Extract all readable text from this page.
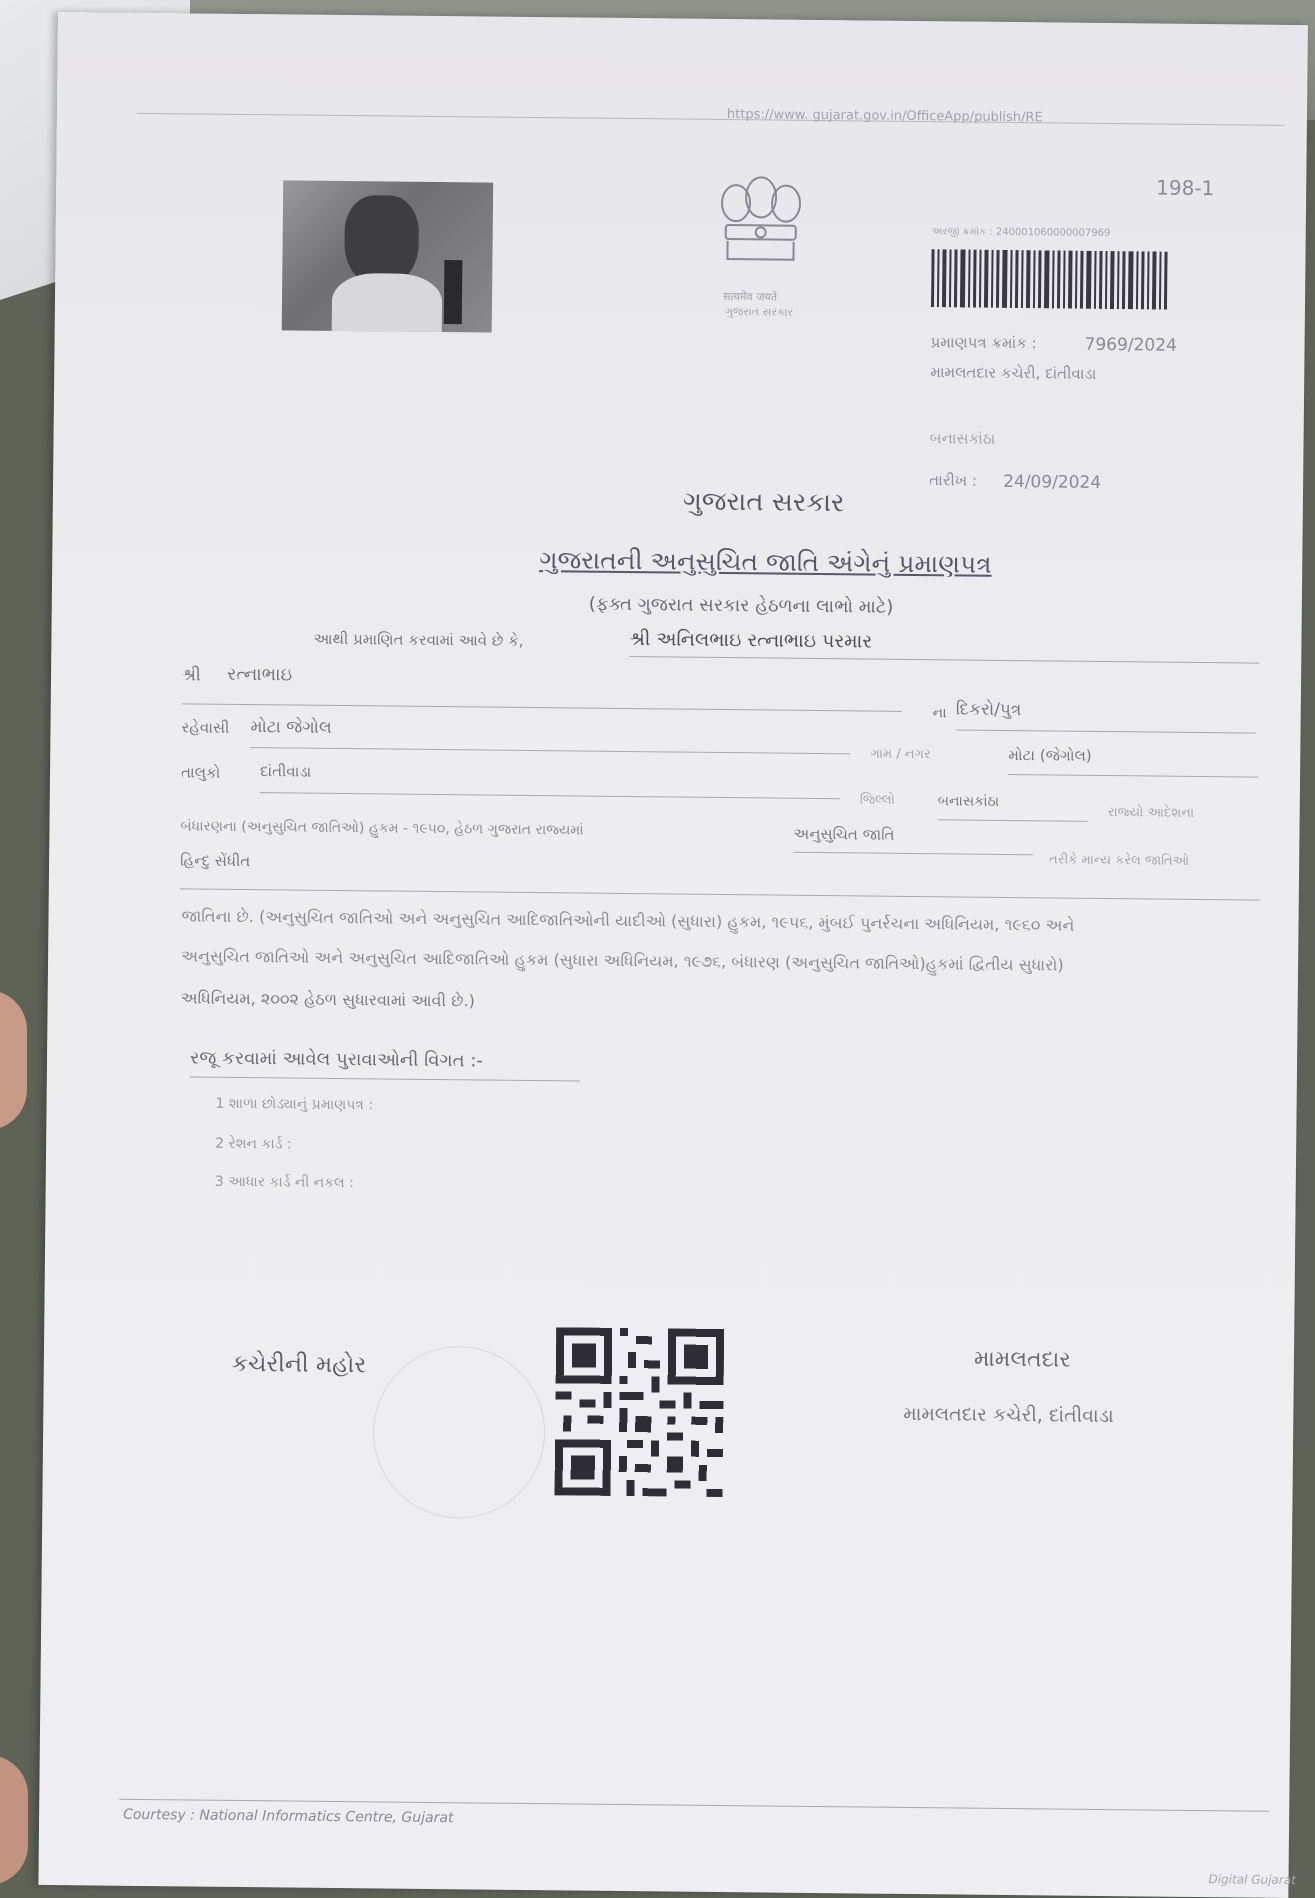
https://www. gujarat.gov.in/OfficeApp/publish/RE
198-1
सत्यमेव जयते
ગુજરાત સરકાર
અરજી ક્રમાંક : 240001060000007969
પ્રમાણપત્ર ક્રમાંક :	7969/2024
મામલતદાર કચેરી, દાંતીવાડા
બનાસકાંઠા
તારીખ : 24/09/2024
ગુજરાત સરકાર
ગુજરાતની અનુસુચિત જાતિ અંગેનું પ્રમાણપત્ર
(ફક્ત ગુજરાત સરકાર હેઠળના લાભો માટે)
આથી પ્રમાણિત કરવામાં આવે છે કે,	શ્રી અનિલભાઇ રત્નાભાઇ પરમાર
શ્રી રત્નાભાઇ
ના દિકરો/પુત્ર
રહેવાસી મોટા જેગોલ
ગામ / નગર	મોટા (જેગોલ)
તાલુકો	દાંતીવાડા
જિલ્લો	બનાસકાંઠા
રાજ્યો આદેશના
બંધારણના (અનુસુચિત જાતિઓ) હુકમ - ૧૯૫૦, હેઠળ ગુજરાત રાજ્યમાં	અનુસુચિત જાતિ
તરીકે માન્ય કરેલ જાતિઓ
હિન્દુ સેંધીત
જાતિના છે. (અનુસુચિત જાતિઓ અને અનુસુચિત આદિજાતિઓની યાદીઓ (સુધારા) હુકમ, ૧૯૫૬, મુંબઈ પુનર્રચના અધિનિયમ, ૧૯૬૦ અને
અનુસુચિત જાતિઓ અને અનુસુચિત આદિજાતિઓ હુકમ (સુધારા અધિનિયમ, ૧૯૭૬, બંધારણ (અનુસુચિત જાતિઓ)હુકમાં દ્વિતીય સુધારો)
અધિનિયમ, ૨૦૦૨ હેઠળ સુધારવામાં આવી છે.)
રજૂ કરવામાં આવેલ પુરાવાઓની વિગત :-
1 શાળા છોડ્યાનું પ્રમાણપત્ર :
2 રેશન કાર્ડ :
3 આધાર કાર્ડ ની નકલ :
કચેરીની મહોર	મામલતદાર
મામલતદાર કચેરી, દાંતીવાડા
Courtesy : National Informatics Centre, Gujarat
Digital Gujarat
